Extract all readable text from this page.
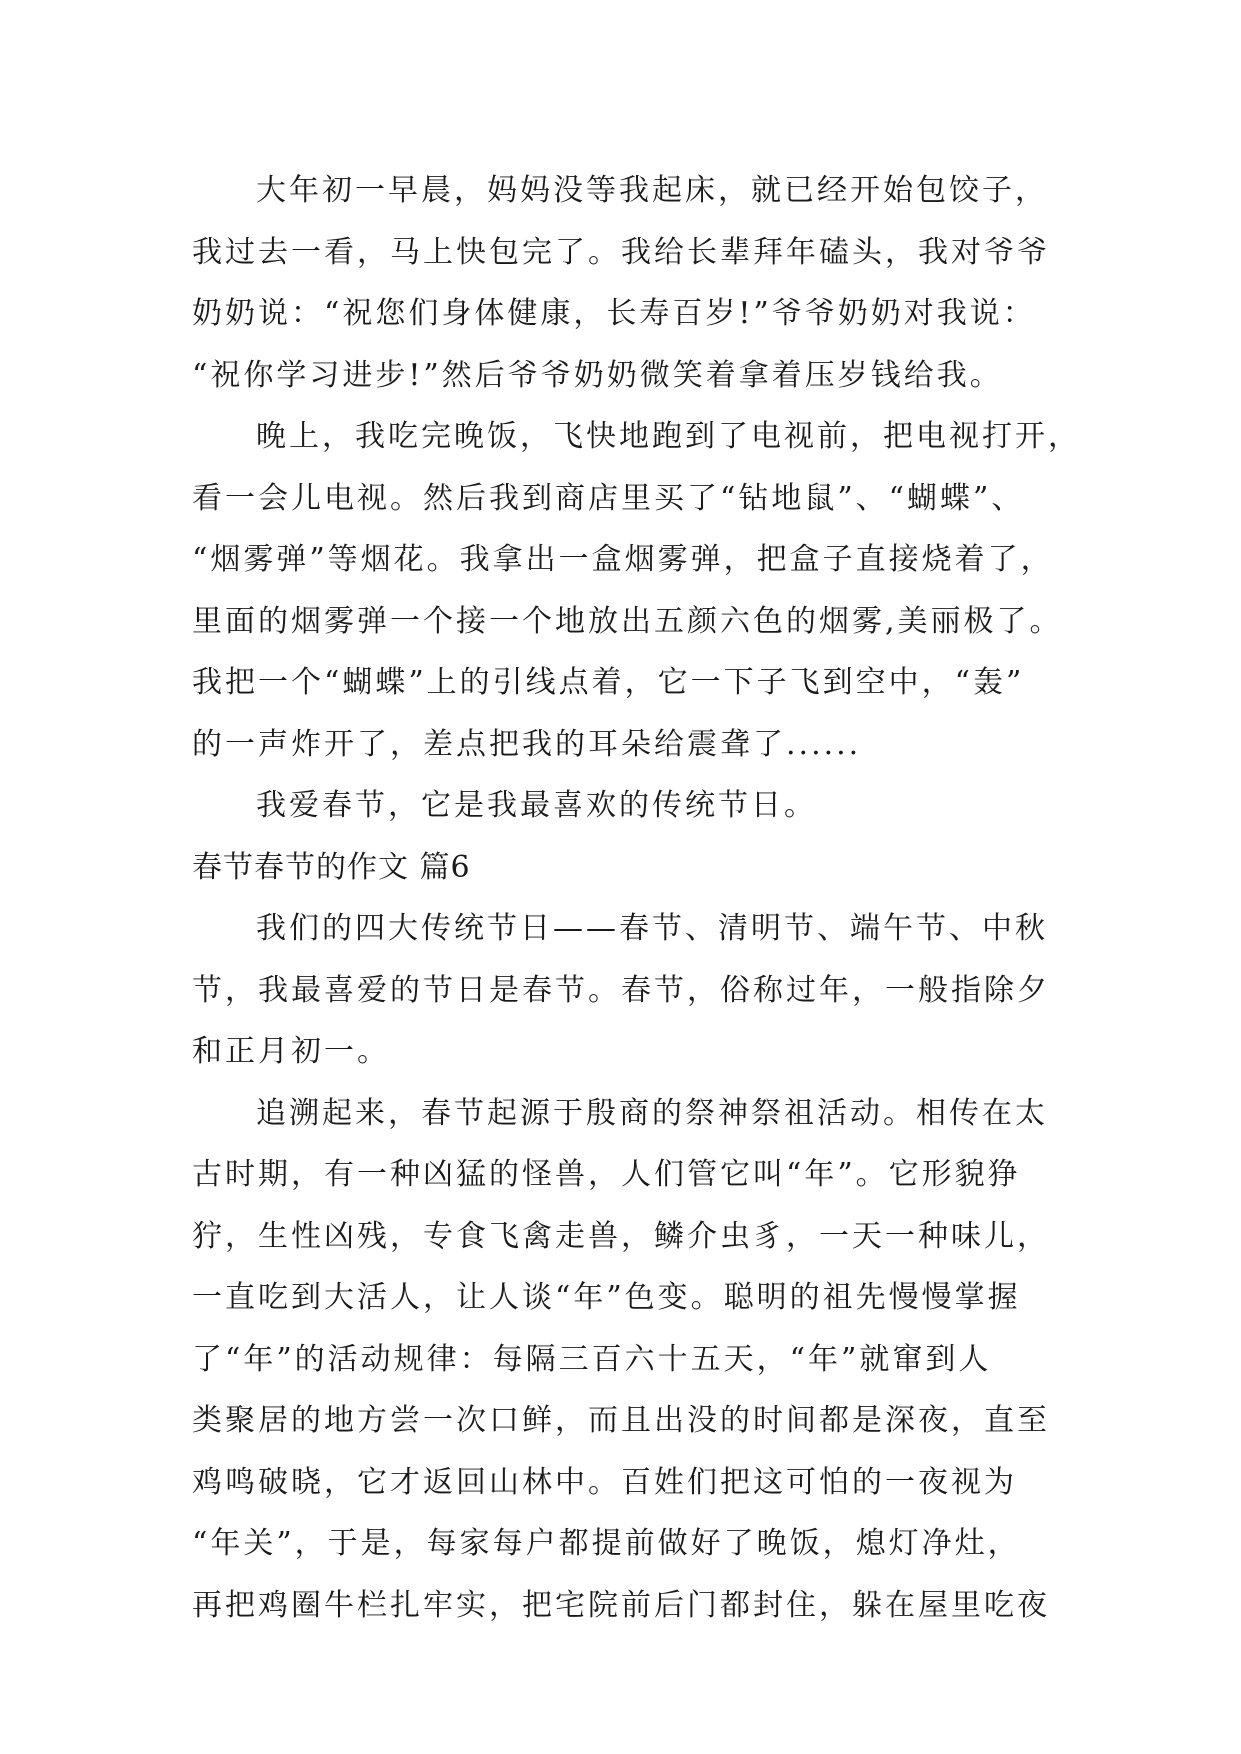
大年初一早晨，妈妈没等我起床，就已经开始包饺子，
我过去一看，马上快包完了。我给长辈拜年磕头，我对爷爷
奶奶说：“祝您们身体健康，长寿百岁!”爷爷奶奶对我说：
“祝你学习进步!”然后爷爷奶奶微笑着拿着压岁钱给我。
晚上，我吃完晚饭，飞快地跑到了电视前，把电视打开，
看一会儿电视。然后我到商店里买了“钻地鼠”、“蝴蝶”、
“烟雾弹”等烟花。我拿出一盒烟雾弹，把盒子直接烧着了，
里面的烟雾弹一个接一个地放出五颜六色的烟雾,美丽极了。
我把一个“蝴蝶”上的引线点着，它一下子飞到空中，“轰”
的一声炸开了，差点把我的耳朵给震聋了......
我爱春节，它是我最喜欢的传统节日。
春节春节的作文 篇6
我们的四大传统节日——春节、清明节、端午节、中秋
节，我最喜爱的节日是春节。春节，俗称过年，一般指除夕
和正月初一。
追溯起来，春节起源于殷商的祭神祭祖活动。相传在太
古时期，有一种凶猛的怪兽，人们管它叫“年”。它形貌狰
狞，生性凶残，专食飞禽走兽，鳞介虫豸，一天一种味儿，
一直吃到大活人，让人谈“年”色变。聪明的祖先慢慢掌握
了“年”的活动规律：每隔三百六十五天，“年”就窜到人
类聚居的地方尝一次口鲜，而且出没的时间都是深夜，直至
鸡鸣破晓，它才返回山林中。百姓们把这可怕的一夜视为
“年关”，于是，每家每户都提前做好了晚饭，熄灯净灶，
再把鸡圈牛栏扎牢实，把宅院前后门都封住，躲在屋里吃夜
